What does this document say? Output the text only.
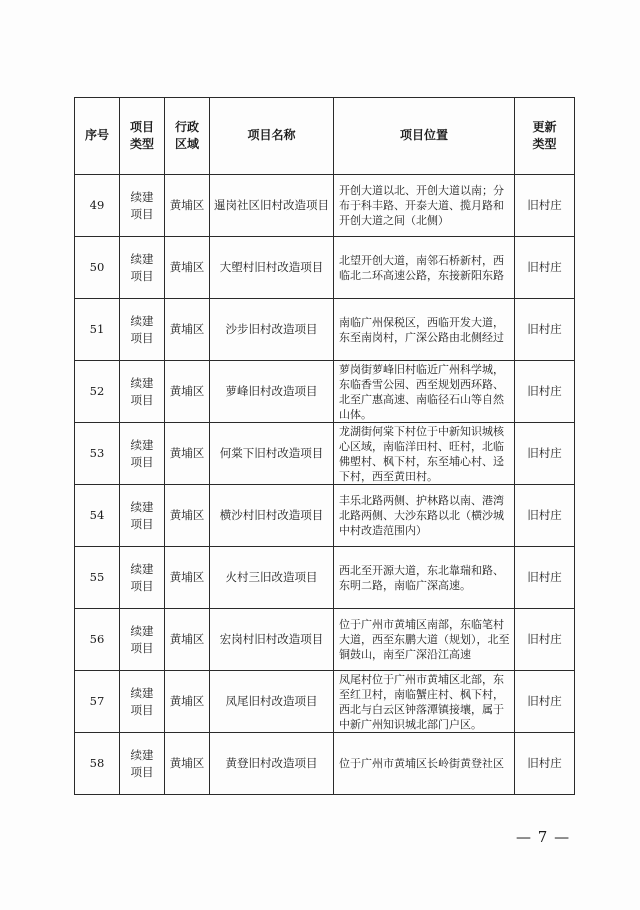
序号	项目类型	行政区域	项目名称	项目位置	更新类型

49	续建项目	黄埔区	暹岗社区旧村改造项目	开创大道以北、开创大道以南；分布于科丰路、开泰大道、揽月路和开创大道之间（北侧）	旧村庄
50	续建项目	黄埔区	大塱村旧村改造项目	北望开创大道，南邻石桥新村，西临北二环高速公路，东接新阳东路	旧村庄
51	续建项目	黄埔区	沙步旧村改造项目	南临广州保税区，西临开发大道，东至南岗村，广深公路由北侧经过	旧村庄
52	续建项目	黄埔区	萝峰旧村改造项目	萝岗街萝峰旧村临近广州科学城，东临香雪公园、西至规划西环路、北至广惠高速、南临径石山等自然山体。	旧村庄
53	续建项目	黄埔区	何棠下旧村改造项目	龙湖街何棠下村位于中新知识城核心区域，南临洋田村、旺村，北临佛塱村、枫下村，东至埔心村、迳下村，西至黄田村。	旧村庄
54	续建项目	黄埔区	横沙村旧村改造项目	丰乐北路两侧、护林路以南、港湾北路两侧、大沙东路以北（横沙城中村改造范围内）	旧村庄
55	续建项目	黄埔区	火村三旧改造项目	西北至开源大道，东北靠瑞和路、东明二路，南临广深高速。	旧村庄
56	续建项目	黄埔区	宏岗村旧村改造项目	位于广州市黄埔区南部，东临笔村大道，西至东鹏大道（规划），北至铜鼓山，南至广深沿江高速	旧村庄
57	续建项目	黄埔区	凤尾旧村改造项目	凤尾村位于广州市黄埔区北部，东至红卫村，南临蟹庄村、枫下村，西北与白云区钟落潭镇接壤，属于中新广州知识城北部门户区。	旧村庄
58	续建项目	黄埔区	黄登旧村改造项目	位于广州市黄埔区长岭街黄登社区	旧村庄
— 7 —
